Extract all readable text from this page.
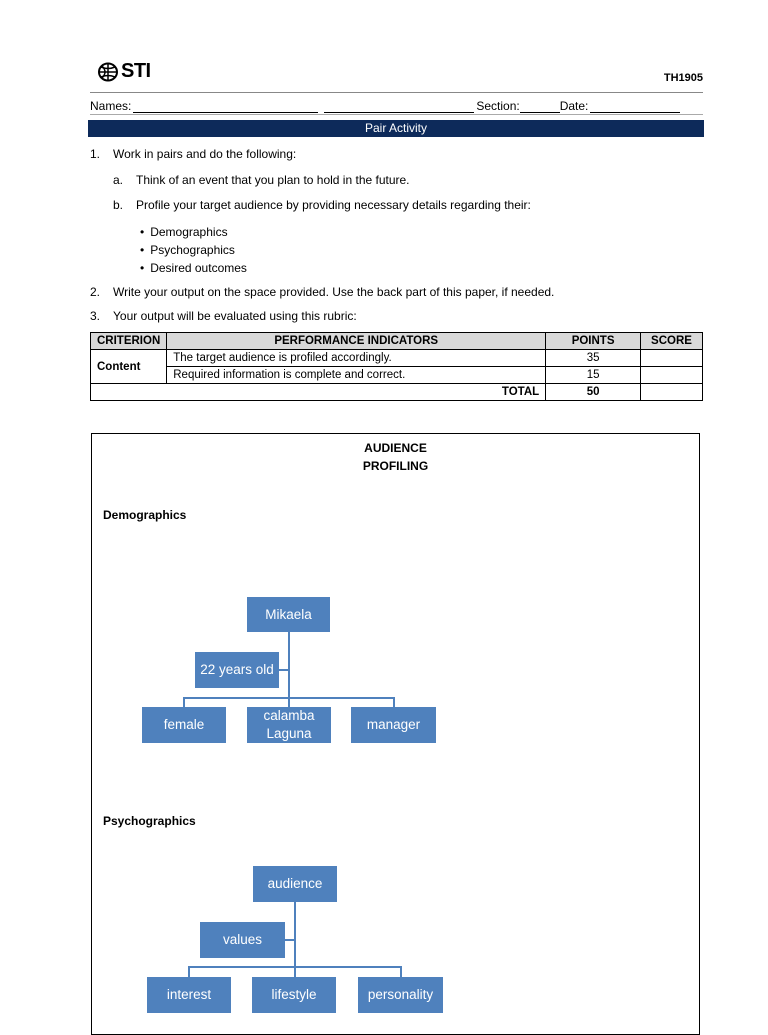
STI	TH1905
Names:	Section:	Date:
Pair Activity
1. Work in pairs and do the following:
a. Think of an event that you plan to hold in the future.
b. Profile your target audience by providing necessary details regarding their:
• Demographics
• Psychographics
• Desired outcomes
2. Write your output on the space provided. Use the back part of this paper, if needed.
3. Your output will be evaluated using this rubric:
CRITERION	PERFORMANCE INDICATORS	POINTS	SCORE
Content	The target audience is profiled accordingly.	35	
	Required information is complete and correct.	15	
TOTAL		50	
AUDIENCE
PROFILING
Demographics
Psychographics
Mikaela
22 years old
female
calamba
Laguna
manager
audience
values
interest	lifestyle	personality
